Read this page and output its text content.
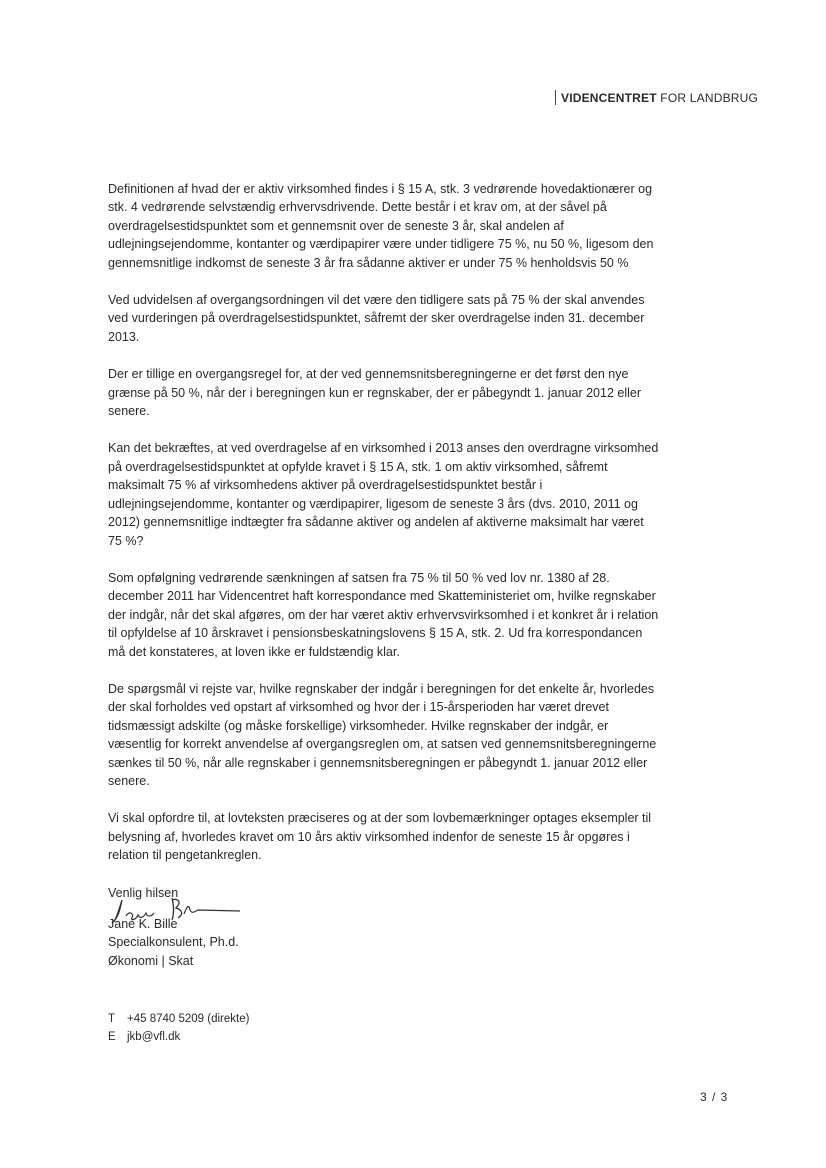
VIDENCENTRET FOR LANDBRUG

Definitionen af hvad der er aktiv virksomhed findes i § 15 A, stk. 3 vedrørende hovedaktionærer og stk. 4 vedrørende selvstændig erhvervsdrivende. Dette består i et krav om, at der såvel på overdragelsestidspunktet som et gennemsnit over de seneste 3 år, skal andelen af udlejningsejendomme, kontanter og værdipapirer være under tidligere 75 %, nu 50 %, ligesom den gennemsnitlige indkomst de seneste 3 år fra sådanne aktiver er under 75 % henholdsvis 50 %

Ved udvidelsen af overgangsordningen vil det være den tidligere sats på 75 % der skal anvendes ved vurderingen på overdragelsestidspunktet, såfremt der sker overdragelse inden 31. december 2013.

Der er tillige en overgangsregel for, at der ved gennemsnitsberegningerne er det først den nye grænse på 50 %, når der i beregningen kun er regnskaber, der er påbegyndt 1. januar 2012 eller senere.

Kan det bekræftes, at ved overdragelse af en virksomhed i 2013 anses den overdragne virksomhed på overdragelsestidspunktet at opfylde kravet i § 15 A, stk. 1 om aktiv virksomhed, såfremt maksimalt 75 % af virksomhedens aktiver på overdragelsestidspunktet består i udlejningsejendomme, kontanter og værdipapirer, ligesom de seneste 3 års (dvs. 2010, 2011 og 2012) gennemsnitlige indtægter fra sådanne aktiver og andelen af aktiverne maksimalt har været 75 %?

Som opfølgning vedrørende sænkningen af satsen fra 75 % til 50 % ved lov nr. 1380 af 28. december 2011 har Videncentret haft korrespondance med Skatteministeriet om, hvilke regnskaber der indgår, når det skal afgøres, om der har været aktiv erhvervsvirksomhed i et konkret år i relation til opfyldelse af 10 årskravet i pensionsbeskatningslovens § 15 A, stk. 2. Ud fra korrespondancen må det konstateres, at loven ikke er fuldstændig klar.

De spørgsmål vi rejste var, hvilke regnskaber der indgår i beregningen for det enkelte år, hvorledes der skal forholdes ved opstart af virksomhed og hvor der i 15-årsperioden har været drevet tidsmæssigt adskilte (og måske forskellige) virksomheder. Hvilke regnskaber der indgår, er væsentlig for korrekt anvendelse af overgangsreglen om, at satsen ved gennemsnitsberegningerne sænkes til 50 %, når alle regnskaber i gennemsnitsberegningen er påbegyndt 1. januar 2012 eller senere.

Vi skal opfordre til, at lovteksten præciseres og at der som lovbemærkninger optages eksempler til belysning af, hvorledes kravet om 10 års aktiv virksomhed indenfor de seneste 15 år opgøres i relation til pengetankreglen.

Venlig hilsen
Jane K. Bille
Specialkonsulent, Ph.d.
Økonomi | Skat
T +45 8740 5209 (direkte)
E jkb@vfl.dk
3 / 3
